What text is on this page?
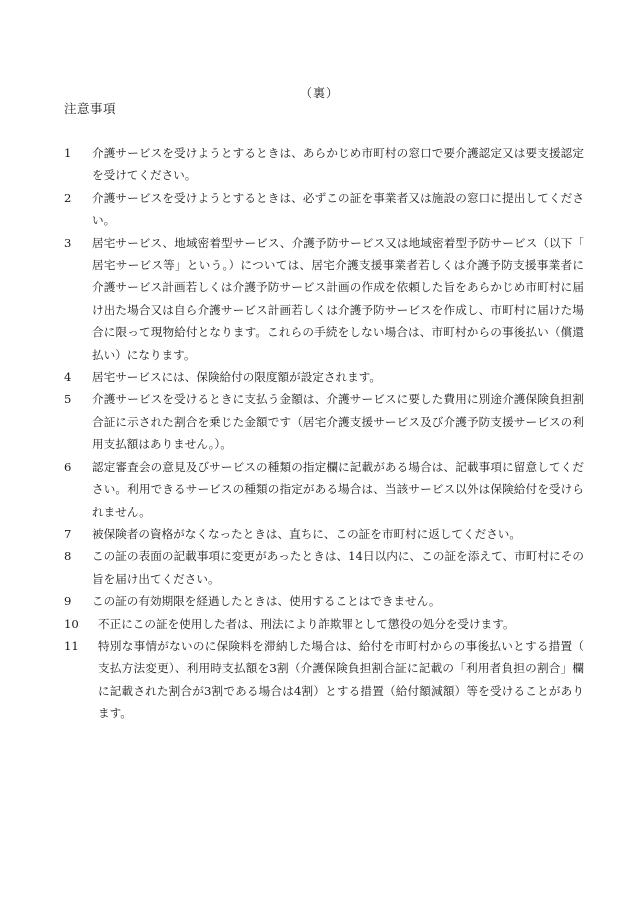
（裏）
注意事項
1	介護サービスを受けようとするときは、あらかじめ市町村の窓口で要介護認定又は要支援認定を受けてください。
2	介護サービスを受けようとするときは、必ずこの証を事業者又は施設の窓口に提出してください。
3	居宅サービス、地域密着型サービス、介護予防サービス又は地域密着型予防サービス（以下「居宅サービス等」という。）については、居宅介護支援事業者若しくは介護予防支援事業者に介護サービス計画若しくは介護予防サービス計画の作成を依頼した旨をあらかじめ市町村に届け出た場合又は自ら介護サービス計画若しくは介護予防サービスを作成し、市町村に届けた場合に限って現物給付となります。これらの手続をしない場合は、市町村からの事後払い（償還払い）になります。
4	居宅サービスには、保険給付の限度額が設定されます。
5	介護サービスを受けるときに支払う金額は、介護サービスに要した費用に別途介護保険負担割合証に示された割合を乗じた金額です（居宅介護支援サービス及び介護予防支援サービスの利用支払額はありません。）。
6	認定審査会の意見及びサービスの種類の指定欄に記載がある場合は、記載事項に留意してください。利用できるサービスの種類の指定がある場合は、当該サービス以外は保険給付を受けられません。
7	被保険者の資格がなくなったときは、直ちに、この証を市町村に返してください。
8	この証の表面の記載事項に変更があったときは、14日以内に、この証を添えて、市町村にその旨を届け出てください。
9	この証の有効期限を経過したときは、使用することはできません。
10	不正にこの証を使用した者は、刑法により詐欺罪として懲役の処分を受けます。
11	特別な事情がないのに保険料を滞納した場合は、給付を市町村からの事後払いとする措置（支払方法変更）、利用時支払額を3割（介護保険負担割合証に記載の「利用者負担の割合」欄に記載された割合が3割である場合は4割）とする措置（給付額減額）等を受けることがあります。
